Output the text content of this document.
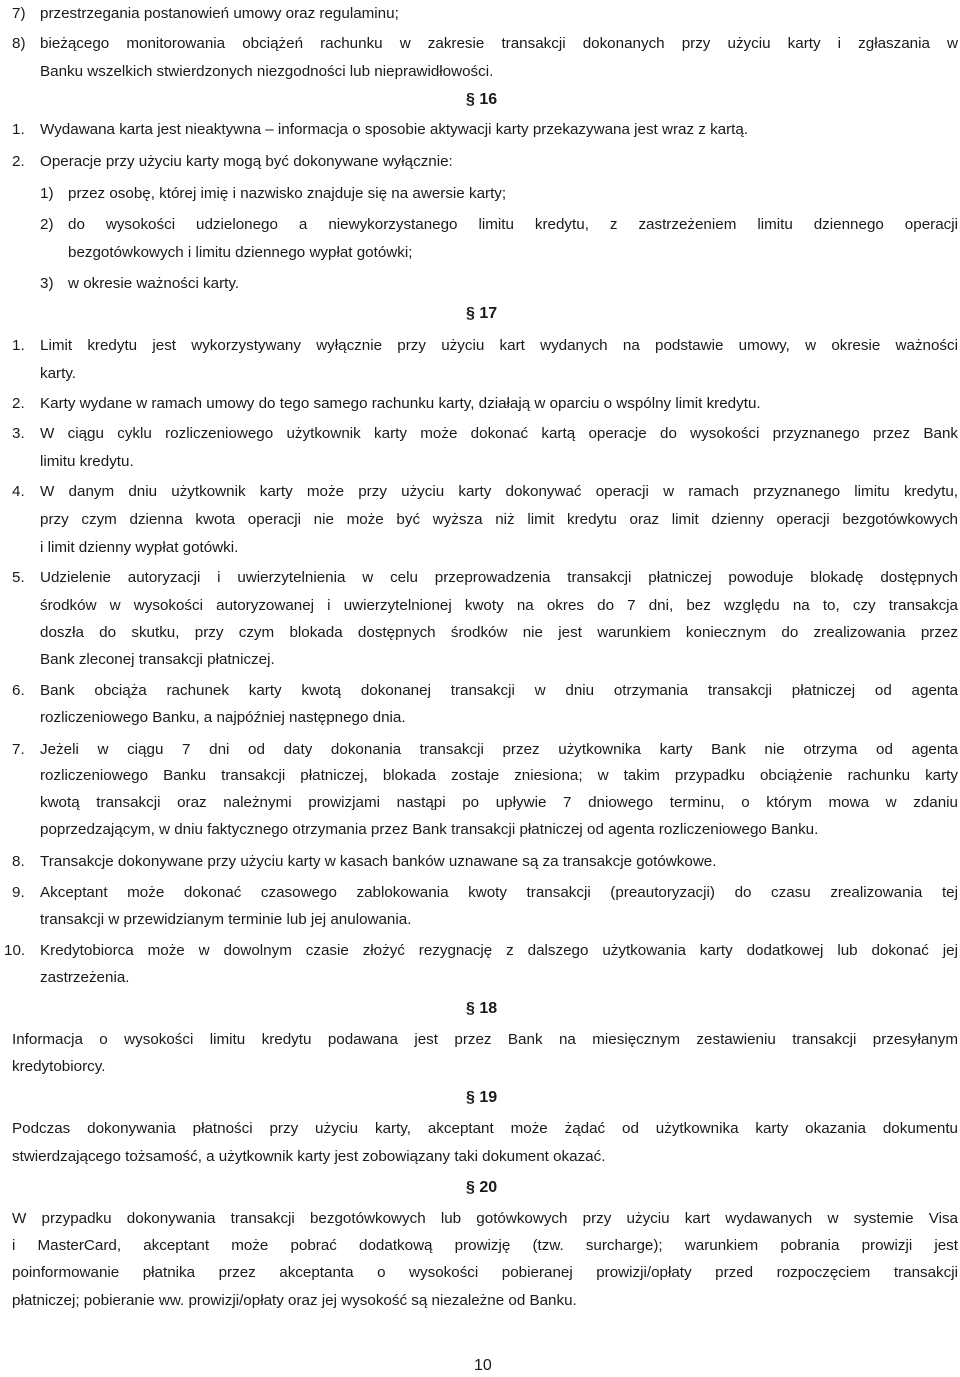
7) przestrzegania postanowień umowy oraz regulaminu;
8) bieżącego monitorowania obciążeń rachunku w zakresie transakcji dokonanych przy użyciu karty i zgłaszania w
Banku wszelkich stwierdzonych niezgodności lub nieprawidłowości.
§ 16
1. Wydawana karta jest nieaktywna – informacja o sposobie aktywacji karty przekazywana jest wraz z kartą.
2. Operacje przy użyciu karty mogą być dokonywane wyłącznie:
1) przez osobę, której imię i nazwisko znajduje się na awersie karty;
2) do wysokości udzielonego a niewykorzystanego limitu kredytu, z zastrzeżeniem limitu dziennego operacji
bezgotówkowych i limitu dziennego wypłat gotówki;
3) w okresie ważności karty.
§ 17
1. Limit kredytu jest wykorzystywany wyłącznie przy użyciu kart wydanych na podstawie umowy, w okresie ważności
karty.
2. Karty wydane w ramach umowy do tego samego rachunku karty, działają w oparciu o wspólny limit kredytu.
3. W ciągu cyklu rozliczeniowego użytkownik karty może dokonać kartą operacje do wysokości przyznanego przez Bank
limitu kredytu.
4. W danym dniu użytkownik karty może przy użyciu karty dokonywać operacji w ramach przyznanego limitu kredytu,
przy czym dzienna kwota operacji nie może być wyższa niż limit kredytu oraz limit dzienny operacji bezgotówkowych
i limit dzienny wypłat gotówki.
5. Udzielenie autoryzacji i uwierzytelnienia w celu przeprowadzenia transakcji płatniczej powoduje blokadę dostępnych
środków w wysokości autoryzowanej i uwierzytelnionej kwoty na okres do 7 dni, bez względu na to, czy transakcja
doszła do skutku, przy czym blokada dostępnych środków nie jest warunkiem koniecznym do zrealizowania przez
Bank zleconej transakcji płatniczej.
6. Bank obciąża rachunek karty kwotą dokonanej transakcji w dniu otrzymania transakcji płatniczej od agenta
rozliczeniowego Banku, a najpóźniej następnego dnia.
7. Jeżeli w ciągu 7 dni od daty dokonania transakcji przez użytkownika karty Bank nie otrzyma od agenta
rozliczeniowego Banku transakcji płatniczej, blokada zostaje zniesiona; w takim przypadku obciążenie rachunku karty
kwotą transakcji oraz należnymi prowizjami nastąpi po upływie 7 dniowego terminu, o którym mowa w zdaniu
poprzedzającym, w dniu faktycznego otrzymania przez Bank transakcji płatniczej od agenta rozliczeniowego Banku.
8. Transakcje dokonywane przy użyciu karty w kasach banków uznawane są za transakcje gotówkowe.
9. Akceptant może dokonać czasowego zablokowania kwoty transakcji (preautoryzacji) do czasu zrealizowania tej
transakcji w przewidzianym terminie lub jej anulowania.
10. Kredytobiorca może w dowolnym czasie złożyć rezygnację z dalszego użytkowania karty dodatkowej lub dokonać jej
zastrzeżenia.
§ 18
Informacja o wysokości limitu kredytu podawana jest przez Bank na miesięcznym zestawieniu transakcji przesyłanym
kredytobiorcy.
§ 19
Podczas dokonywania płatności przy użyciu karty, akceptant może żądać od użytkownika karty okazania dokumentu
stwierdzającego tożsamość, a użytkownik karty jest zobowiązany taki dokument okazać.
§ 20
W przypadku dokonywania transakcji bezgotówkowych lub gotówkowych przy użyciu kart wydawanych w systemie Visa
i MasterCard, akceptant może pobrać dodatkową prowizję (tzw. surcharge); warunkiem pobrania prowizji jest
poinformowanie płatnika przez akceptanta o wysokości pobieranej prowizji/opłaty przed rozpoczęciem transakcji
płatniczej; pobieranie ww. prowizji/opłaty oraz jej wysokość są niezależne od Banku.
10
